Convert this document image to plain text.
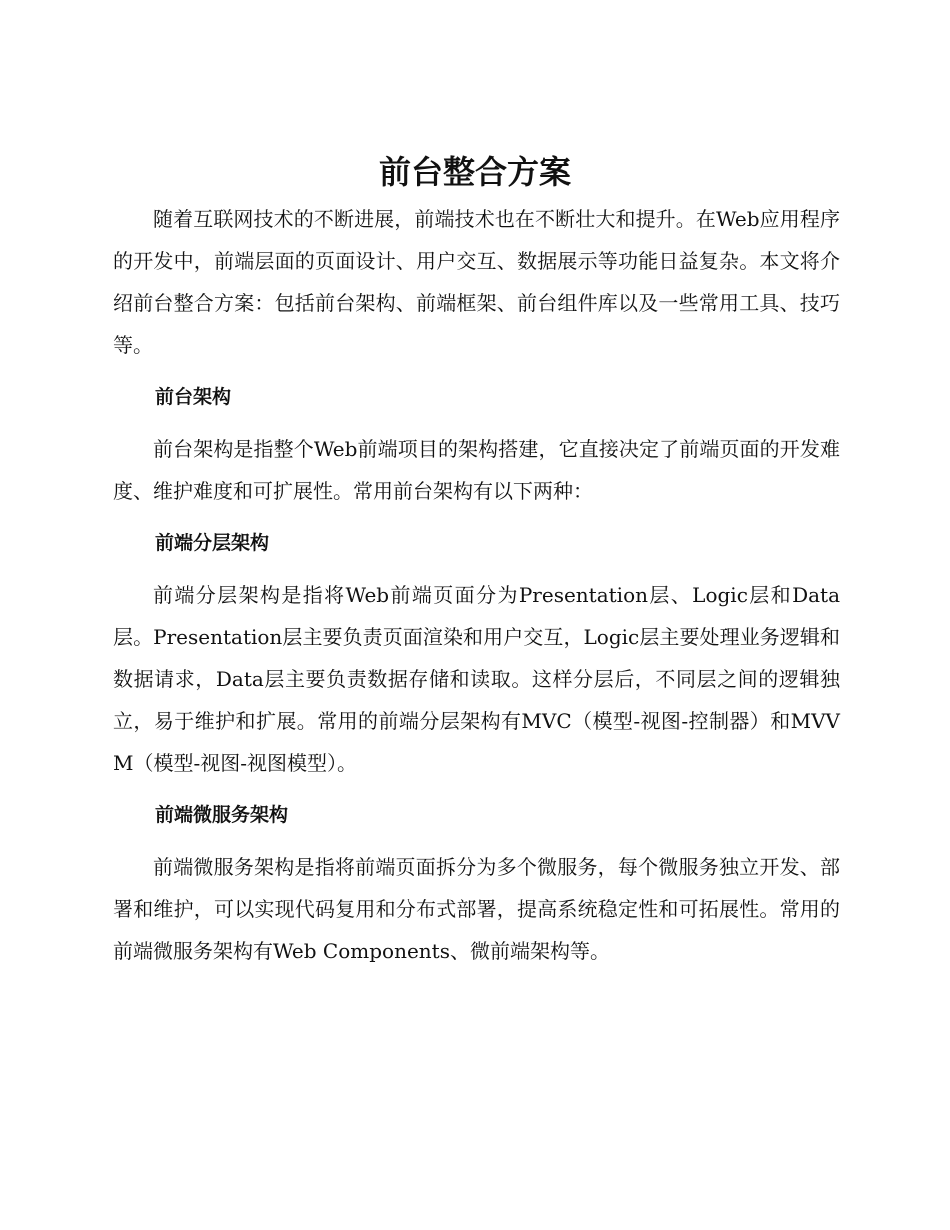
前台整合方案

随着互联网技术的不断进展，前端技术也在不断壮大和提升。在Web应用程序的开发中，前端层面的页面设计、用户交互、数据展示等功能日益复杂。本文将介绍前台整合方案：包括前台架构、前端框架、前台组件库以及一些常用工具、技巧等。

前台架构

前台架构是指整个Web前端项目的架构搭建，它直接决定了前端页面的开发难度、维护难度和可扩展性。常用前台架构有以下两种：

前端分层架构

前端分层架构是指将Web前端页面分为Presentation层、Logic层和Data层。Presentation层主要负责页面渲染和用户交互，Logic层主要处理业务逻辑和数据请求，Data层主要负责数据存储和读取。这样分层后，不同层之间的逻辑独立，易于维护和扩展。常用的前端分层架构有MVC（模型-视图-控制器）和MVVM（模型-视图-视图模型）。

前端微服务架构

前端微服务架构是指将前端页面拆分为多个微服务，每个微服务独立开发、部署和维护，可以实现代码复用和分布式部署，提高系统稳定性和可拓展性。常用的前端微服务架构有Web Components、微前端架构等。
